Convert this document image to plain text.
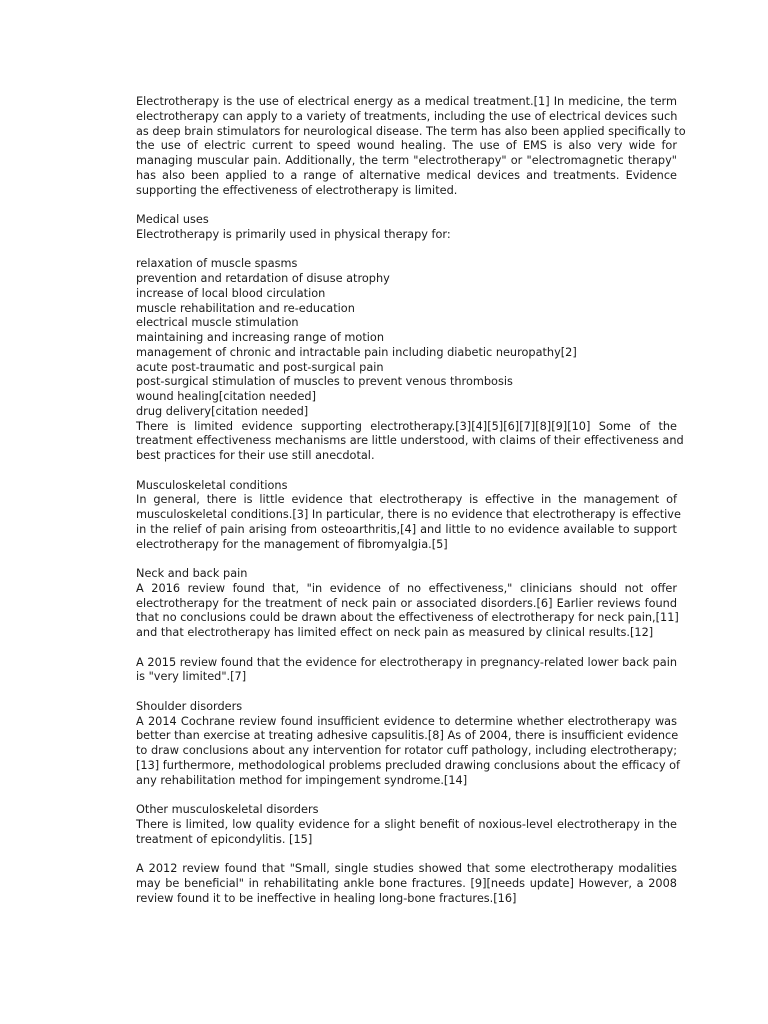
Electrotherapy is the use of electrical energy as a medical treatment.[1] In medicine, the term
electrotherapy can apply to a variety of treatments, including the use of electrical devices such
as deep brain stimulators for neurological disease. The term has also been applied specifically to
the use of electric current to speed wound healing. The use of EMS is also very wide for
managing muscular pain. Additionally, the term "electrotherapy" or "electromagnetic therapy"
has also been applied to a range of alternative medical devices and treatments. Evidence
supporting the effectiveness of electrotherapy is limited.
Medical uses
Electrotherapy is primarily used in physical therapy for:
relaxation of muscle spasms
prevention and retardation of disuse atrophy
increase of local blood circulation
muscle rehabilitation and re-education
electrical muscle stimulation
maintaining and increasing range of motion
management of chronic and intractable pain including diabetic neuropathy[2]
acute post-traumatic and post-surgical pain
post-surgical stimulation of muscles to prevent venous thrombosis
wound healing[citation needed]
drug delivery[citation needed]
There is limited evidence supporting electrotherapy.[3][4][5][6][7][8][9][10] Some of the
treatment effectiveness mechanisms are little understood, with claims of their effectiveness and
best practices for their use still anecdotal.
Musculoskeletal conditions
In general, there is little evidence that electrotherapy is effective in the management of
musculoskeletal conditions.[3] In particular, there is no evidence that electrotherapy is effective
in the relief of pain arising from osteoarthritis,[4] and little to no evidence available to support
electrotherapy for the management of fibromyalgia.[5]
Neck and back pain
A 2016 review found that, "in evidence of no effectiveness," clinicians should not offer
electrotherapy for the treatment of neck pain or associated disorders.[6] Earlier reviews found
that no conclusions could be drawn about the effectiveness of electrotherapy for neck pain,[11]
and that electrotherapy has limited effect on neck pain as measured by clinical results.[12]
A 2015 review found that the evidence for electrotherapy in pregnancy-related lower back pain
is "very limited".[7]
Shoulder disorders
A 2014 Cochrane review found insufficient evidence to determine whether electrotherapy was
better than exercise at treating adhesive capsulitis.[8] As of 2004, there is insufficient evidence
to draw conclusions about any intervention for rotator cuff pathology, including electrotherapy;
[13] furthermore, methodological problems precluded drawing conclusions about the efficacy of
any rehabilitation method for impingement syndrome.[14]
Other musculoskeletal disorders
There is limited, low quality evidence for a slight benefit of noxious-level electrotherapy in the
treatment of epicondylitis. [15]
A 2012 review found that "Small, single studies showed that some electrotherapy modalities
may be beneficial" in rehabilitating ankle bone fractures. [9][needs update] However, a 2008
review found it to be ineffective in healing long-bone fractures.[16]
